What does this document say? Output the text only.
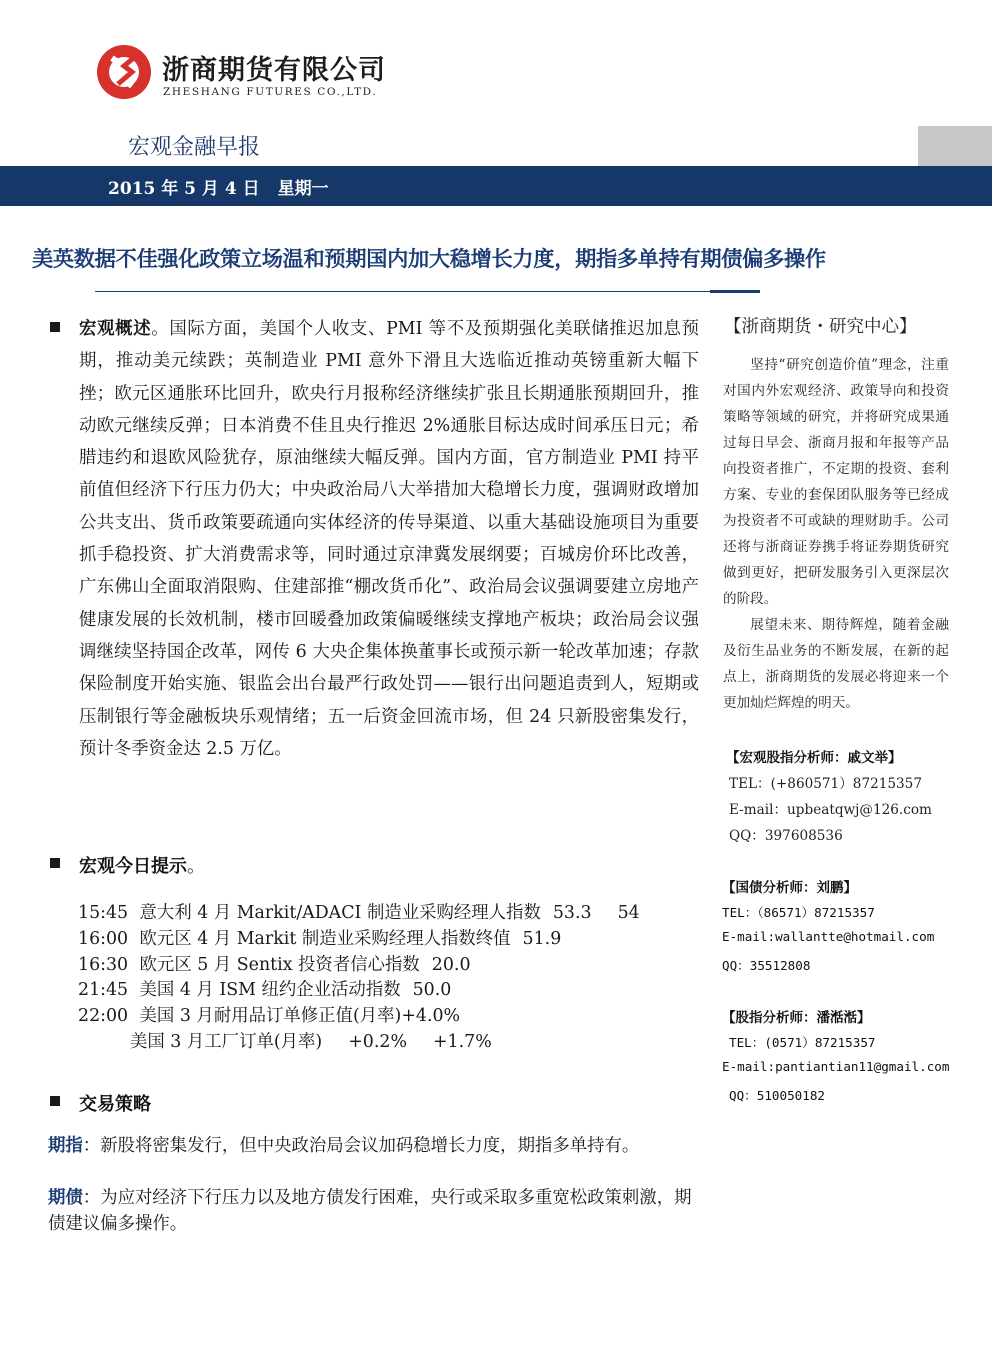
浙商期货有限公司
ZHESHANG FUTURES CO.,LTD.
宏观金融早报
2015 年 5 月 4 日 星期一
美英数据不佳强化政策立场温和预期国内加大稳增长力度，期指多单持有期债偏多操作
宏观概述。国际方面，美国个人收支、PMI 等不及预期强化美联储推迟加息预期，推动美元续跌；英制造业 PMI 意外下滑且大选临近推动英镑重新大幅下挫；欧元区通胀环比回升，欧央行月报称经济继续扩张且长期通胀预期回升，推动欧元继续反弹；日本消费不佳且央行推迟 2%通胀目标达成时间承压日元；希腊违约和退欧风险犹存，原油继续大幅反弹。国内方面，官方制造业 PMI 持平前值但经济下行压力仍大；中央政治局八大举措加大稳增长力度，强调财政增加公共支出、货币政策要疏通向实体经济的传导渠道、以重大基础设施项目为重要抓手稳投资、扩大消费需求等，同时通过京津冀发展纲要；百城房价环比改善，广东佛山全面取消限购、住建部推“棚改货币化”、政治局会议强调要建立房地产健康发展的长效机制，楼市回暖叠加政策偏暖继续支撑地产板块；政治局会议强调继续坚持国企改革，网传 6 大央企集体换董事长或预示新一轮改革加速；存款保险制度开始实施、银监会出台最严行政处罚——银行出问题追责到人，短期或压制银行等金融板块乐观情绪；五一后资金回流市场，但 24 只新股密集发行，预计冬季资金达 2.5 万亿。
宏观今日提示。
15:45 意大利 4 月 Markit/ADACI 制造业采购经理人指数 53.3 54
16:00 欧元区 4 月 Markit 制造业采购经理人指数终值 51.9
16:30 欧元区 5 月 Sentix 投资者信心指数 20.0
21:45 美国 4 月 ISM 纽约企业活动指数 50.0
22:00 美国 3 月耐用品订单修正值(月率)+4.0%
美国 3 月工厂订单(月率) +0.2% +1.7%
交易策略
期指：新股将密集发行，但中央政治局会议加码稳增长力度，期指多单持有。
期债：为应对经济下行压力以及地方债发行困难，央行或采取多重宽松政策刺激，期债建议偏多操作。
【浙商期货・研究中心】
坚持“研究创造价值”理念，注重对国内外宏观经济、政策导向和投资策略等领域的研究，并将研究成果通过每日早会、浙商月报和年报等产品向投资者推广，不定期的投资、套利方案、专业的套保团队服务等已经成为投资者不可或缺的理财助手。公司还将与浙商证券携手将证券期货研究做到更好，把研发服务引入更深层次的阶段。
展望未来、期待辉煌，随着金融及衍生品业务的不断发展，在新的起点上，浙商期货的发展必将迎来一个更加灿烂辉煌的明天。
【宏观股指分析师：戚文举】
TEL：(+860571）87215357
E-mail：upbeatqwj@126.com
QQ：397608536
【国债分析师：刘鹏】
TEL：（86571）87215357
E-mail:wallantte@hotmail.com
QQ：35512808
【股指分析师：潘湉湉】
TEL：(0571）87215357
E-mail:pantiantian11@gmail.com
QQ：510050182
